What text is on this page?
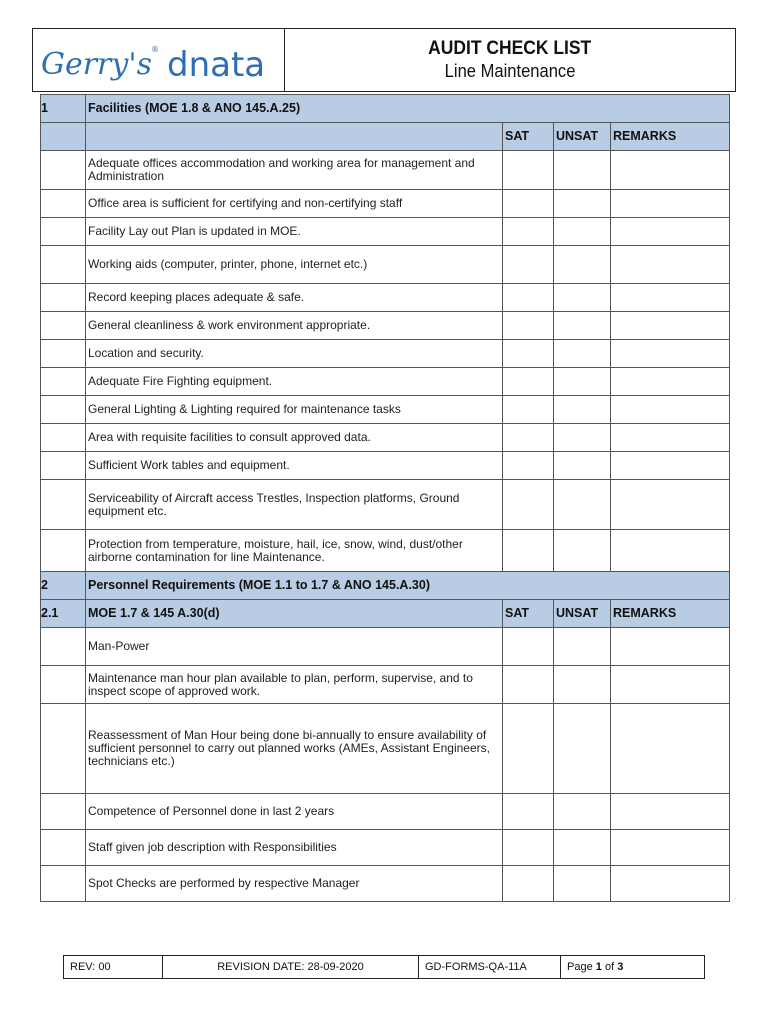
Gerry's ® dnata	AUDIT CHECK LIST
Line Maintenance
1	Facilities (MOE 1.8 & ANO 145.A.25)			
		SAT	UNSAT	REMARKS
	Adequate offices accommodation and working area for management and Administration			
	Office area is sufficient for certifying and non-certifying staff			
	Facility Lay out Plan is updated in MOE.			
	Working aids (computer, printer, phone, internet etc.)			
	Record keeping places adequate & safe.			
	General cleanliness & work environment appropriate.			
	Location and security.			
	Adequate Fire Fighting equipment.			
	General Lighting & Lighting required for maintenance tasks			
	Area with requisite facilities to consult approved data.			
	Sufficient Work tables and equipment.			
	Serviceability of Aircraft access Trestles, Inspection platforms, Ground equipment etc.			
	Protection from temperature, moisture, hail, ice, snow, wind, dust/other airborne contamination for line Maintenance.			
2	Personnel Requirements (MOE 1.1 to 1.7 & ANO 145.A.30)			
2.1	MOE 1.7 & 145 A.30(d)	SAT	UNSAT	REMARKS
	Man-Power			
	Maintenance man hour plan available to plan, perform, supervise, and to inspect scope of approved work.			
	Reassessment of Man Hour being done bi-annually to ensure availability of sufficient personnel to carry out planned works (AMEs, Assistant Engineers, technicians etc.)			
	Competence of Personnel done in last 2 years			
	Staff given job description with Responsibilities			
	Spot Checks are performed by respective Manager			
REV: 00	REVISION DATE: 28-09-2020	GD-FORMS-QA-11A	Page 1 of 3
